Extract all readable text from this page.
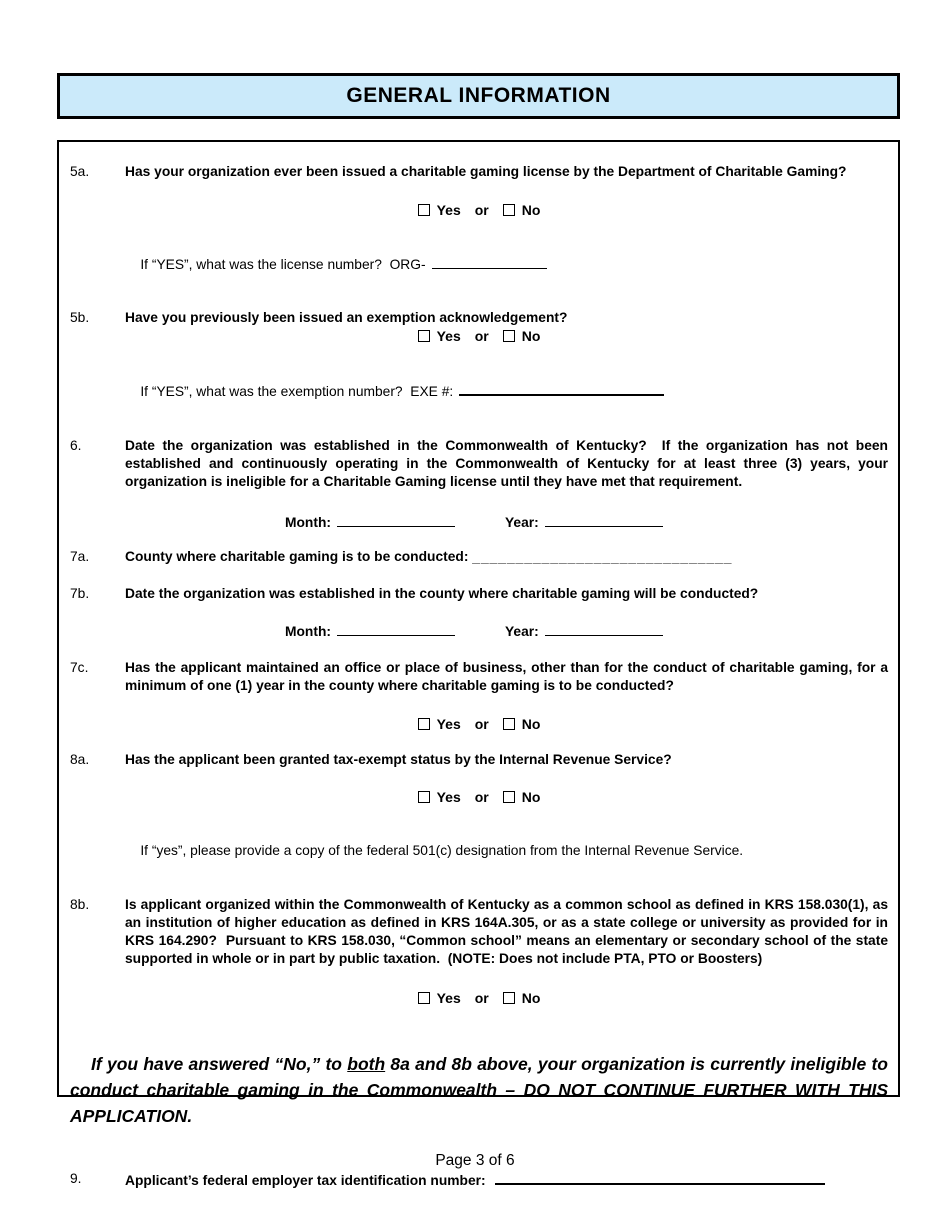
GENERAL INFORMATION
5a.	Has your organization ever been issued a charitable gaming license by the Department of Charitable Gaming?
Yes or No

If “YES”, what was the license number?  ORG-

5b.	Have you previously been issued an exemption acknowledgement?
Yes or No

If “YES”, what was the exemption number?  EXE #:

6.	Date the organization was established in the Commonwealth of Kentucky?  If the organization has not been established and continuously operating in the Commonwealth of Kentucky for at least three (3) years, your organization is ineligible for a Charitable Gaming license until they have met that requirement.
Month:	Year:
7a.	County where charitable gaming is to be conducted: ______________________________
7b.	Date the organization was established in the county where charitable gaming will be conducted?
Month:	Year:
7c.	Has the applicant maintained an office or place of business, other than for the conduct of charitable gaming, for a minimum of one (1) year in the county where charitable gaming is to be conducted?
Yes or No
8a.	Has the applicant been granted tax-exempt status by the Internal Revenue Service?
Yes or No

If “yes”, please provide a copy of the federal 501(c) designation from the Internal Revenue Service.

8b.	Is applicant organized within the Commonwealth of Kentucky as a common school as defined in KRS 158.030(1), as an institution of higher education as defined in KRS 164A.305, or as a state college or university as provided for in KRS 164.290?  Pursuant to KRS 158.030, “Common school” means an elementary or secondary school of the state supported in whole or in part by public taxation.  (NOTE: Does not include PTA, PTO or Boosters)
Yes or No

If you have answered “No,” to both 8a and 8b above, your organization is currently ineligible to conduct charitable gaming in the Commonwealth – DO NOT CONTINUE FURTHER WITH THIS APPLICATION.

9.	Applicant’s federal employer tax identification number:
Page 3 of 6
